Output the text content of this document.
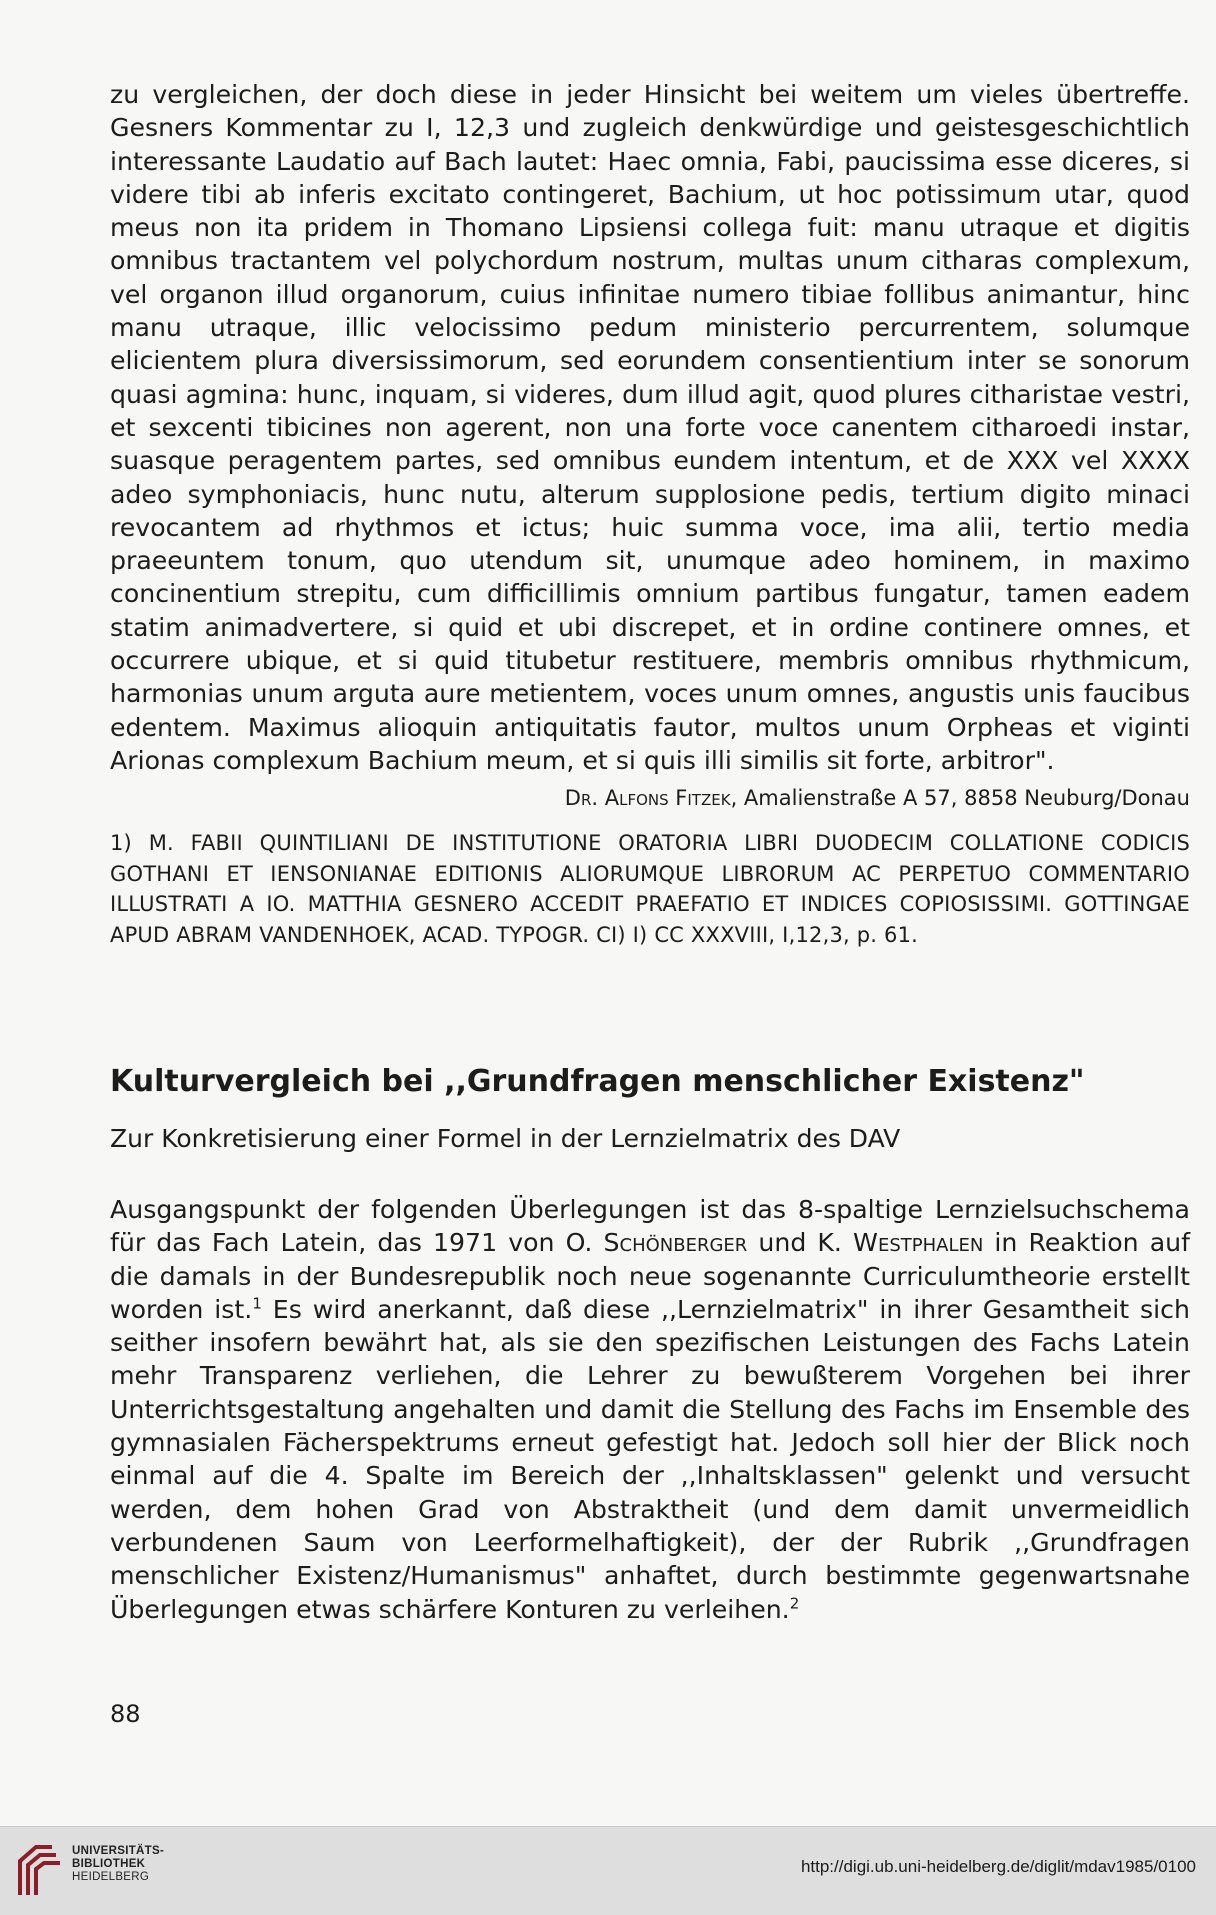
zu vergleichen, der doch diese in jeder Hinsicht bei weitem um vieles übertreffe. Gesners Kommentar zu I, 12,3 und zugleich denkwürdige und geistesgeschichtlich interessante Laudatio auf Bach lautet: Haec omnia, Fabi, paucissima esse diceres, si videre tibi ab inferis excitato contingeret, Bachium, ut hoc potissimum utar, quod meus non ita pridem in Thomano Lipsiensi collega fuit: manu utraque et digitis omnibus tractantem vel polychordum nostrum, multas unum citharas complexum, vel organon illud organorum, cuius infinitae numero tibiae follibus animantur, hinc manu utraque, illic velocissimo pedum ministerio percurrentem, solumque elicientem plura diversissimorum, sed eorundem consentientium inter se sonorum quasi agmina: hunc, inquam, si videres, dum illud agit, quod plures citharistae vestri, et sexcenti tibicines non agerent, non una forte voce canentem citharoedi instar, suasque peragentem partes, sed omnibus eundem intentum, et de XXX vel XXXX adeo symphoniacis, hunc nutu, alterum supplosione pedis, tertium digito minaci revocantem ad rhythmos et ictus; huic summa voce, ima alii, tertio media praeeuntem tonum, quo utendum sit, unumque adeo hominem, in maximo concinentium strepitu, cum difficillimis omnium partibus fungatur, tamen eadem statim animadvertere, si quid et ubi discrepet, et in ordine continere omnes, et occurrere ubique, et si quid titubetur restituere, membris omnibus rhythmicum, harmonias unum arguta aure metientem, voces unum omnes, angustis unis faucibus edentem. Maximus alioquin antiquitatis fautor, multos unum Orpheas et viginti Arionas complexum Bachium meum, et si quis illi similis sit forte, arbitror".

Dr. Alfons Fitzek, Amalienstraße A 57, 8858 Neuburg/Donau

1) M. FABII QUINTILIANI DE INSTITUTIONE ORATORIA LIBRI DUODECIM COLLATIONE CODICIS GOTHANI ET IENSONIANAE EDITIONIS ALIORUMQUE LIBRORUM AC PERPETUO COMMENTARIO ILLUSTRATI A IO. MATTHIA GESNERO ACCEDIT PRAEFATIO ET INDICES COPIOSISSIMI. GOTTINGAE APUD ABRAM VANDENHOEK, ACAD. TYPOGR. CI) I) CC XXXVIII, I,12,3, p. 61.

Kulturvergleich bei ,,Grundfragen menschlicher Existenz"

Zur Konkretisierung einer Formel in der Lernzielmatrix des DAV

Ausgangspunkt der folgenden Überlegungen ist das 8-spaltige Lernzielsuchschema für das Fach Latein, das 1971 von O. Schönberger und K. Westphalen in Reaktion auf die damals in der Bundesrepublik noch neue sogenannte Curriculumtheorie erstellt worden ist.$^1$ Es wird anerkannt, daß diese ,,Lernzielmatrix" in ihrer Gesamtheit sich seither insofern bewährt hat, als sie den spezifischen Leistungen des Fachs Latein mehr Transparenz verliehen, die Lehrer zu bewußterem Vorgehen bei ihrer Unterrichtsgestaltung angehalten und damit die Stellung des Fachs im Ensemble des gymnasialen Fächerspektrums erneut gefestigt hat. Jedoch soll hier der Blick noch einmal auf die 4. Spalte im Bereich der ,,Inhaltsklassen" gelenkt und versucht werden, dem hohen Grad von Abstraktheit (und dem damit unvermeidlich verbundenen Saum von Leerformelhaftigkeit), der der Rubrik ,,Grundfragen menschlicher Existenz/Humanismus" anhaftet, durch bestimmte gegenwartsnahe Überlegungen etwas schärfere Konturen zu verleihen.$^2$

88
UNIVERSITÄTS-
BIBLIOTHEK
HEIDELBERG
http://digi.ub.uni-heidelberg.de/diglit/mdav1985/0100
